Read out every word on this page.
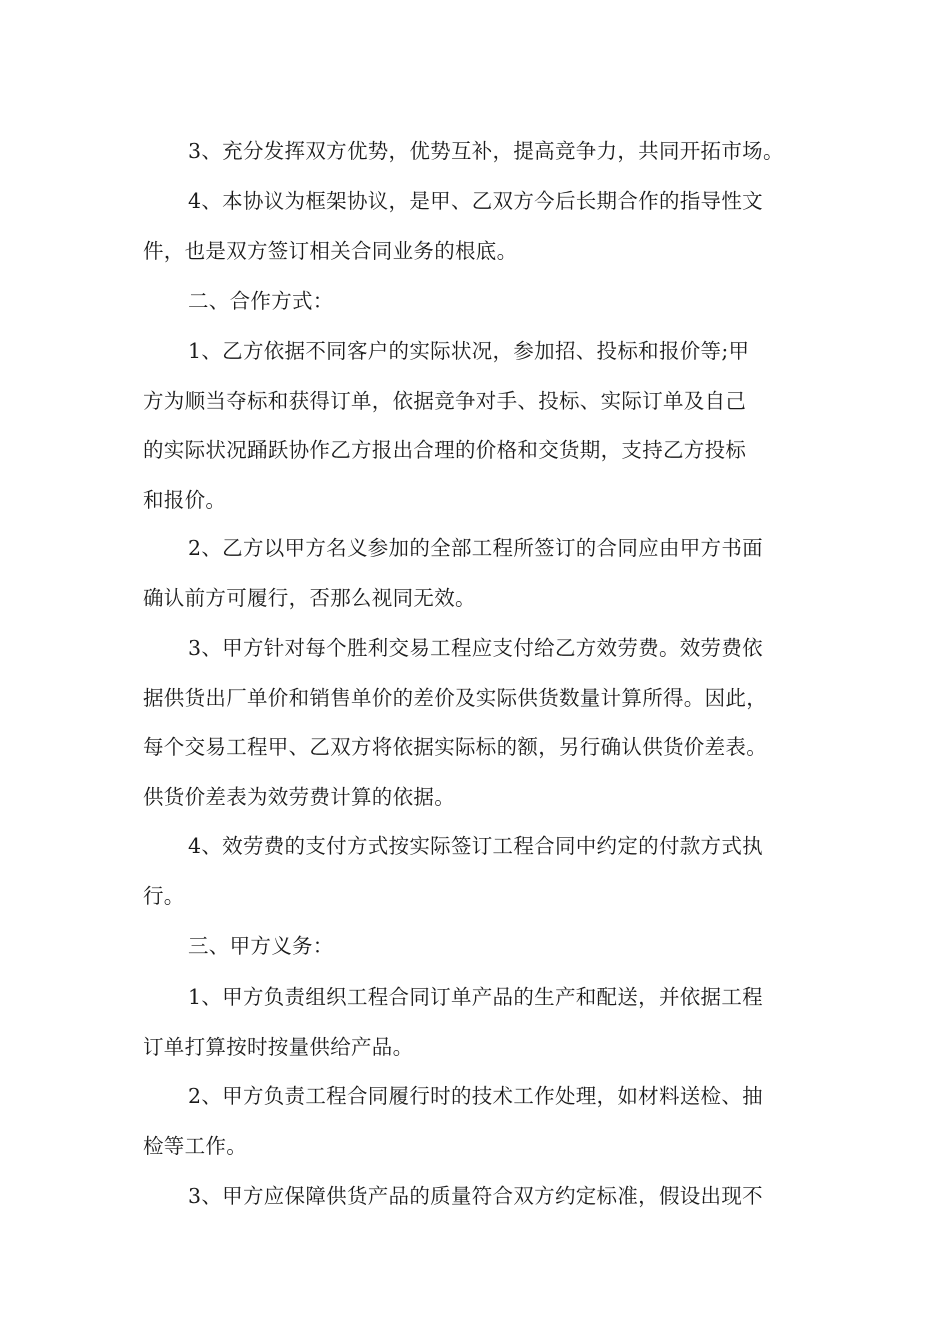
3、充分发挥双方优势，优势互补，提高竞争力，共同开拓市场。
4、本协议为框架协议，是甲、乙双方今后长期合作的指导性文
件，也是双方签订相关合同业务的根底。
二、合作方式：
1、乙方依据不同客户的实际状况，参加招、投标和报价等;甲
方为顺当夺标和获得订单，依据竞争对手、投标、实际订单及自己
的实际状况踊跃协作乙方报出合理的价格和交货期，支持乙方投标
和报价。
2、乙方以甲方名义参加的全部工程所签订的合同应由甲方书面
确认前方可履行，否那么视同无效。
3、甲方针对每个胜利交易工程应支付给乙方效劳费。效劳费依
据供货出厂单价和销售单价的差价及实际供货数量计算所得。因此，
每个交易工程甲、乙双方将依据实际标的额，另行确认供货价差表。
供货价差表为效劳费计算的依据。
4、效劳费的支付方式按实际签订工程合同中约定的付款方式执
行。
三、甲方义务：
1、甲方负责组织工程合同订单产品的生产和配送，并依据工程
订单打算按时按量供给产品。
2、甲方负责工程合同履行时的技术工作处理，如材料送检、抽
检等工作。
3、甲方应保障供货产品的质量符合双方约定标准，假设出现不
